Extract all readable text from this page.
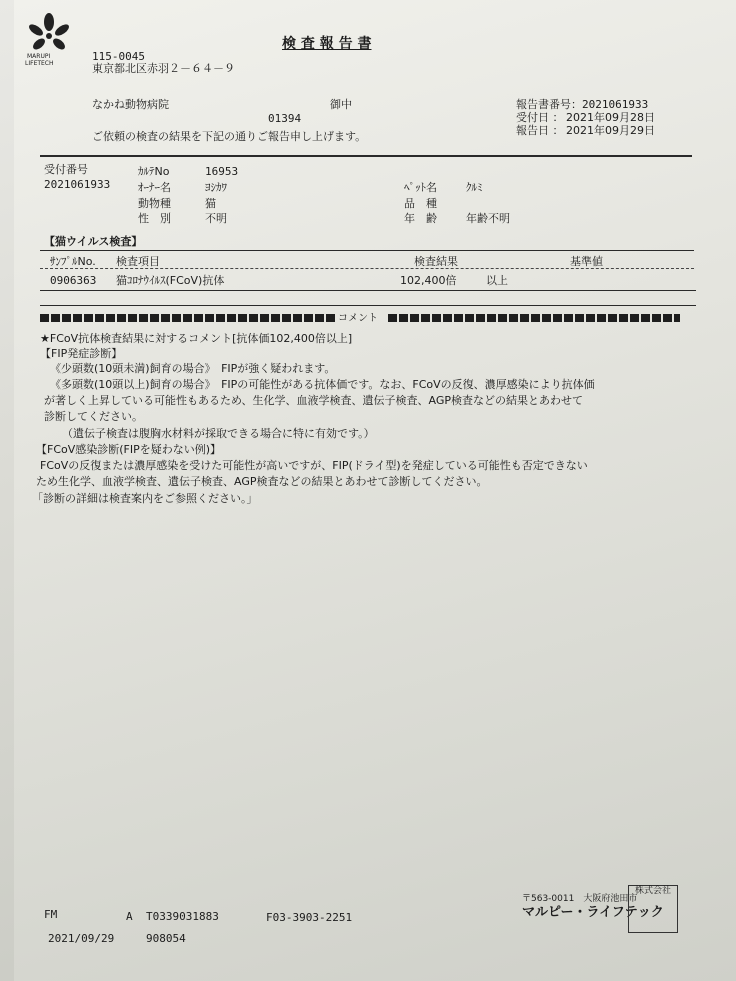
MARUPI
LIFETECH
検 査 報 告 書
115-0045
東京都北区赤羽２－６４－９
なかね動物病院	御中
01394
ご依頼の検査の結果を下記の通りご報告申し上げます。
報告書番号： 2021061933
受付日 ： 2021年09月28日
報告日 ： 2021年09月29日
受付番号
2021061933
ｶﾙﾃNo	16953
ｵｰﾅｰ名	ﾖｼｶﾜ
動物種	猫
性　別	不明
ﾍﾟｯﾄ名	ｸﾙﾐ
品　種
年　齢	年齢不明
【猫ウイルス検査】
ｻﾝﾌﾟﾙNo. 検査項目	検査結果	基準値
0906363 猫ｺﾛﾅｳｲﾙｽ(FCoV)抗体	102,400倍	以上
コメント
★FCoV抗体検査結果に対するコメント[抗体価102,400倍以上]
【FIP発症診断】
《少頭数(10頭未満)飼育の場合》　FIPが強く疑われます。
《多頭数(10頭以上)飼育の場合》　FIPの可能性がある抗体価です。なお、FCoVの反復、濃厚感染により抗体価
が著しく上昇している可能性もあるため、生化学、血液学検査、遺伝子検査、AGP検査などの結果とあわせて
診断してください。
（遺伝子検査は腹胸水材料が採取できる場合に特に有効です。）
【FCoV感染診断(FIPを疑わない例)】
FCoVの反復または濃厚感染を受けた可能性が高いですが、FIP(ドライ型)を発症している可能性も否定できない
ため生化学、血液学検査、遺伝子検査、AGP検査などの結果とあわせて診断してください。
「診断の詳細は検査案内をご参照ください。」
FM	A T0339031883	F03-3903-2251
2021/09/29	908054
〒563-0011　大阪府池田市
マルピー・ライフテック
株式会社
